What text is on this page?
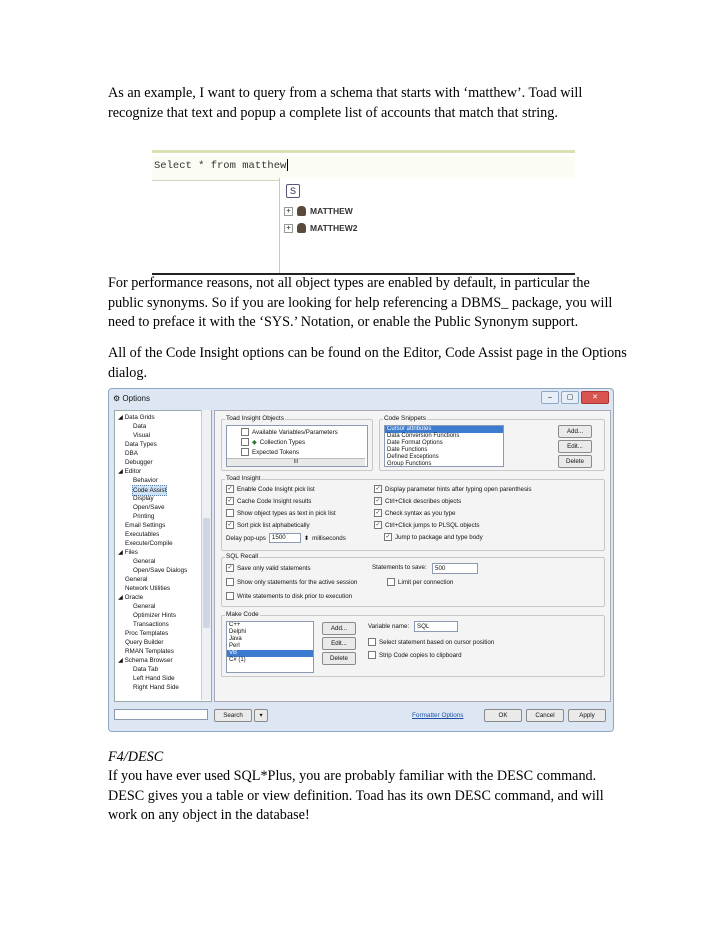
As an example, I want to query from a schema that starts with ‘matthew’. Toad will recognize that text and popup a complete list of accounts that match that string.

Select * from matthew
S
+ MATTHEW
+ MATTHEW2

For performance reasons, not all object types are enabled by default, in particular the public synonyms. So if you are looking for help referencing a DBMS_ package, you will need to preface it with the ‘SYS.’ Notation, or enable the Public Synonym support.

All of the Code Insight options can be found on the Editor, Code Assist page in the Options dialog.

⚙ Options	–	▢	✕
◢ Data Grids
Data
Visual
Data Types
DBA
Debugger
◢ Editor
Behavior
Code Assist
Display
Open/Save
Printing
Email Settings
Executables
Execute/Compile
◢ Files
General
Open/Save Dialogs
General
Network Utilities
◢ Oracle
General
Optimizer Hints
Transactions
Proc Templates
Query Builder
RMAN Templates
◢ Schema Browser
Data Tab
Left Hand Side
Right Hand Side
Toad Insight Objects
Available Variables/Parameters
◆ Collection Types
Expected Tokens
III
Code Snippets
Cursor attributes
Data Conversion Functions
Date Format Options
Date Functions
Defined Exceptions
Group Functions
Add...
Edit...
Delete
Toad Insight
✓ Enable Code Insight pick list
✓ Cache Code Insight results
Show object types as text in pick list
✓ Sort pick list alphabetically
Delay pop-ups 1500	⬍ milliseconds
✓ Display parameter hints after typing open parenthesis
✓ Ctrl+Click describes objects
✓ Check syntax as you type
✓ Ctrl+Click jumps to PLSQL objects
✓ Jump to package and type body
SQL Recall
✓ Save only valid statements
Show only statements for the active session
Write statements to disk prior to execution
Statements to save:	500
Limit per connection
Make Code
C++
Delphi
Java
Perl
VB
C# (1)
Add...
Edit...
Delete
Variable name:	SQL
Select statement based on cursor position
Strip Code copies to clipboard
Search	▾	Formatter Options	OK	Cancel	Apply

F4/DESC

If you have ever used SQL*Plus, you are probably familiar with the DESC command. DESC gives you a table or view definition. Toad has its own DESC command, and will work on any object in the database!
